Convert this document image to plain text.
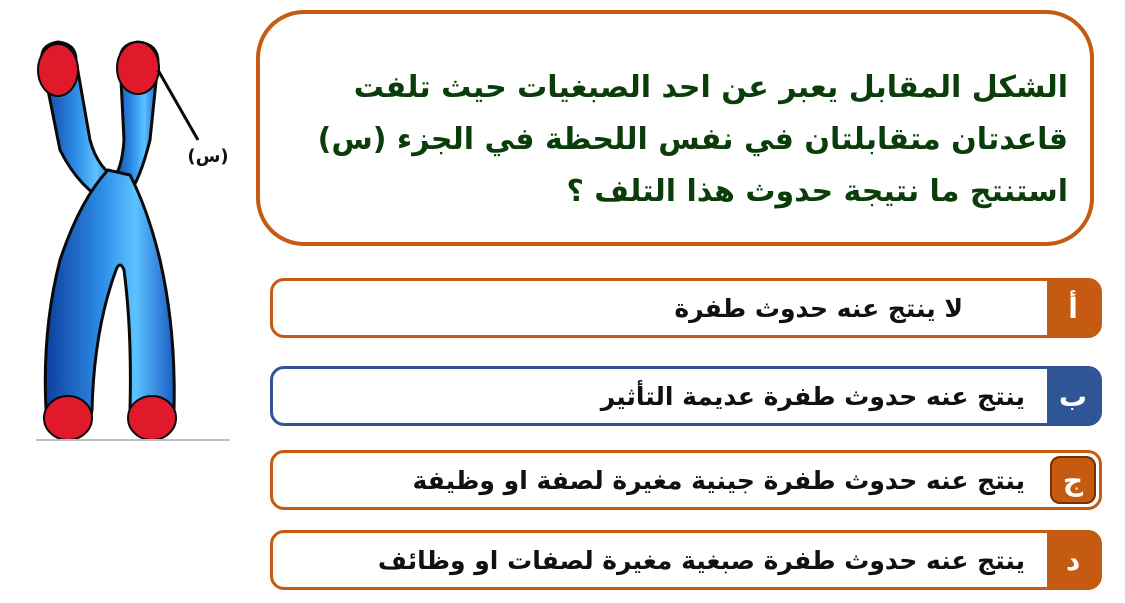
(س)
الشكل المقابل يعبر عن احد الصبغيات حيث تلفت قاعدتان متقابلتان في نفس اللحظة في الجزء (س) استنتج ما نتيجة حدوث هذا التلف ؟
لا ينتج عنه حدوث طفرة	أ
ينتج عنه حدوث طفرة عديمة التأثير	ب
ينتج عنه حدوث طفرة جينية مغيرة لصفة او وظيفة	ج
ينتج عنه حدوث طفرة صبغية مغيرة لصفات او وظائف	د
